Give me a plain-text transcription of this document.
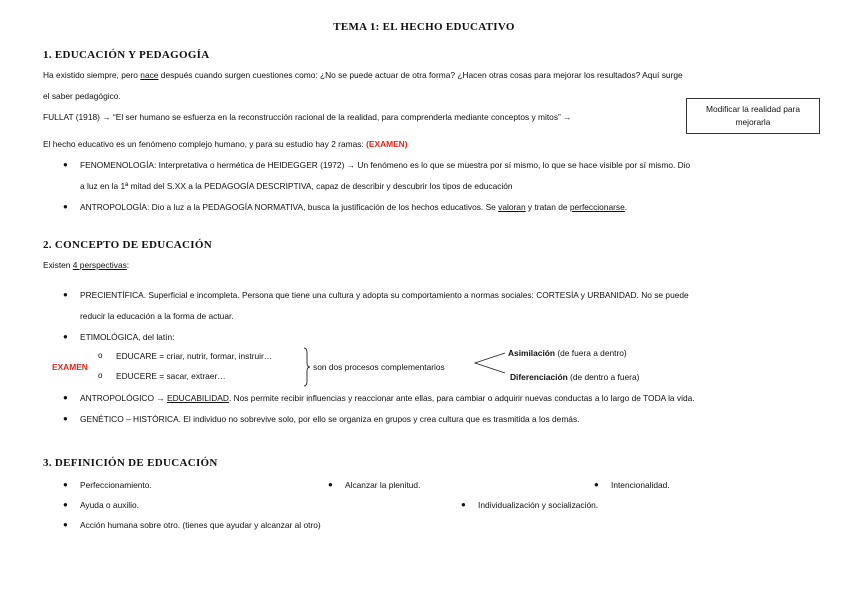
TEMA 1: EL HECHO EDUCATIVO
1. EDUCACIÓN Y PEDAGOGÍA
Ha existido siempre, pero nace después cuando surgen cuestiones como: ¿No se puede actuar de otra forma? ¿Hacen otras cosas para mejorar los resultados? Aquí surge
el saber pedagógico.
FULLAT (1918) → “El ser humano se esfuerza en la reconstrucción racional de la realidad, para comprenderla mediante conceptos y mitos” →
Modificar la realidad para
mejorarla
El hecho educativo es un fenómeno complejo humano, y para su estudio hay 2 ramas: (EXAMEN)
● FENOMENOLOGÍA: Interpretativa o hermética de HEIDEGGER (1972) → Un fenómeno es lo que se muestra por sí mismo, lo que se hace visible por sí mismo. Dio
a luz en la 1ª mitad del S.XX a la PEDAGOGÍA DESCRIPTIVA, capaz de describir y descubrir los tipos de educación
● ANTROPOLOGÍA: Dio a luz a la PEDAGOGÍA NORMATIVA, busca la justificación de los hechos educativos. Se valoran y tratan de perfeccionarse.
2. CONCEPTO DE EDUCACIÓN
Existen 4 perspectivas:
● PRECIENTÍFICA. Superficial e incompleta. Persona que tiene una cultura y adopta su comportamiento a normas sociales: CORTESÍA y URBANIDAD. No se puede
reducir la educación a la forma de actuar.
● ETIMOLÓGICA, del latín:
EXAMEN
o EDUCARE = criar, nutrir, formar, instruir…
o EDUCERE = sacar, extraer…
son dos procesos complementarios
Asimilación (de fuera a dentro)
Diferenciación (de dentro a fuera)
● ANTROPOLÓGICO → EDUCABILIDAD. Nos permite recibir influencias y reaccionar ante ellas, para cambiar o adquirir nuevas conductas a lo largo de TODA la vida.
● GENÉTICO – HISTÓRICA. El individuo no sobrevive solo, por ello se organiza en grupos y crea cultura que es trasmitida a los demás.
3. DEFINICIÓN DE EDUCACIÓN
● Perfeccionamiento.	● Alcanzar la plenitud.	● Intencionalidad.
● Ayuda o auxilio.	● Individualización y socialización.
● Acción humana sobre otro. (tienes que ayudar y alcanzar al otro)
